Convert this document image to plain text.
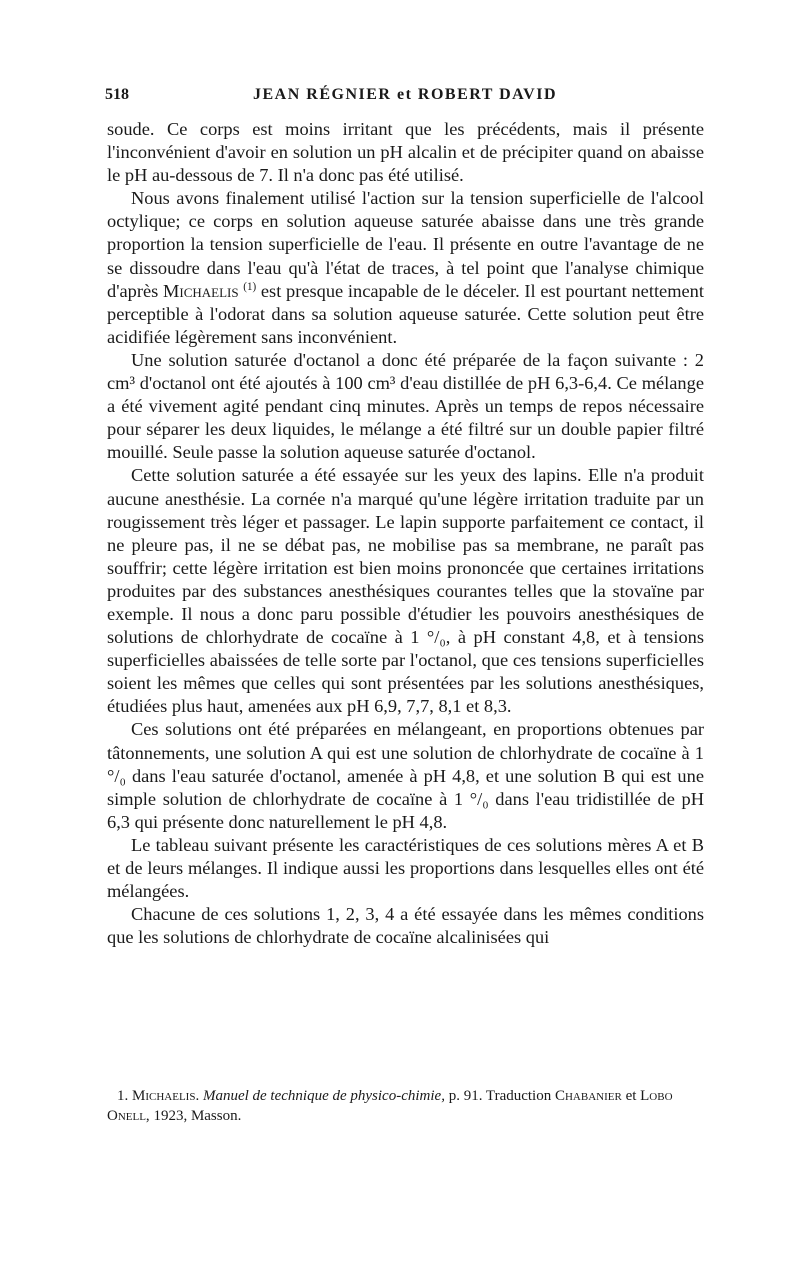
518	JEAN RÉGNIER et ROBERT DAVID

soude. Ce corps est moins irritant que les précédents, mais il présente l'inconvénient d'avoir en solution un pH alcalin et de précipiter quand on abaisse le pH au-dessous de 7. Il n'a donc pas été utilisé.

Nous avons finalement utilisé l'action sur la tension superficielle de l'alcool octylique; ce corps en solution aqueuse saturée abaisse dans une très grande proportion la tension superficielle de l'eau. Il présente en outre l'avantage de ne se dissoudre dans l'eau qu'à l'état de traces, à tel point que l'analyse chimique d'après Michaelis $^{(1)}$ est presque incapable de le déceler. Il est pourtant nettement perceptible à l'odorat dans sa solution aqueuse saturée. Cette solution peut être acidifiée légèrement sans inconvénient.

Une solution saturée d'octanol a donc été préparée de la façon suivante : 2 cm³ d'octanol ont été ajoutés à 100 cm³ d'eau distillée de pH 6,3-6,4. Ce mélange a été vivement agité pendant cinq minutes. Après un temps de repos nécessaire pour séparer les deux liquides, le mélange a été filtré sur un double papier filtré mouillé. Seule passe la solution aqueuse saturée d'octanol.

Cette solution saturée a été essayée sur les yeux des lapins. Elle n'a produit aucune anesthésie. La cornée n'a marqué qu'une légère irritation traduite par un rougissement très léger et passager. Le lapin supporte parfaitement ce contact, il ne pleure pas, il ne se débat pas, ne mobilise pas sa membrane, ne paraît pas souffrir; cette légère irritation est bien moins prononcée que certaines irritations produites par des substances anesthésiques courantes telles que la stovaïne par exemple. Il nous a donc paru possible d'étudier les pouvoirs anesthésiques de solutions de chlorhydrate de cocaïne à 1 °/₀, à pH constant 4,8, et à tensions superficielles abaissées de telle sorte par l'octanol, que ces tensions superficielles soient les mêmes que celles qui sont présentées par les solutions anesthésiques, étudiées plus haut, amenées aux pH 6,9, 7,7, 8,1 et 8,3.

Ces solutions ont été préparées en mélangeant, en proportions obtenues par tâtonnements, une solution A qui est une solution de chlorhydrate de cocaïne à 1 °/₀ dans l'eau saturée d'octanol, amenée à pH 4,8, et une solution B qui est une simple solution de chlorhydrate de cocaïne à 1 °/₀ dans l'eau tridistillée de pH 6,3 qui présente donc naturellement le pH 4,8.

Le tableau suivant présente les caractéristiques de ces solutions mères A et B et de leurs mélanges. Il indique aussi les proportions dans lesquelles elles ont été mélangées.

Chacune de ces solutions 1, 2, 3, 4 a été essayée dans les mêmes conditions que les solutions de chlorhydrate de cocaïne alcalinisées qui

1. Michaelis. Manuel de technique de physico-chimie, p. 91. Traduction Chabanier et Lobo Onell, 1923, Masson.
